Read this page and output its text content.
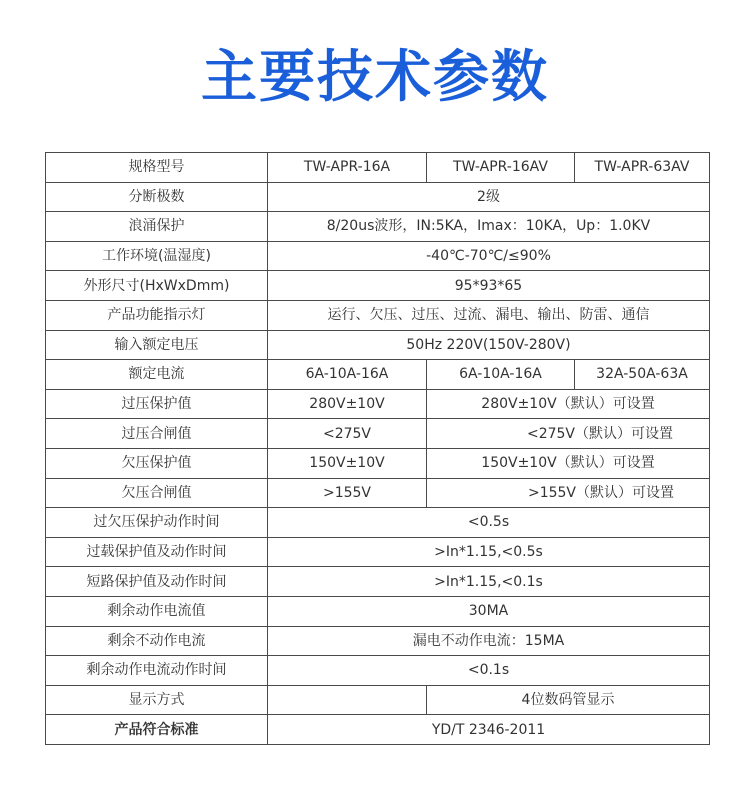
主要技术参数
规格型号	TW-APR-16A	TW-APR-16AV	TW-APR-63AV
分断极数	2级		
浪涌保护	8/20us波形，IN:5KA，Imax：10KA，Up：1.0KV		
工作环境(温湿度)	-40℃-70℃/≤90%		
外形尺寸(HxWxDmm)	95*93*65		
产品功能指示灯	运行、欠压、过压、过流、漏电、输出、防雷、通信		
输入额定电压	50Hz 220V(150V-280V)		
额定电流	6A-10A-16A	6A-10A-16A	32A-50A-63A
过压保护值	280V±10V	280V±10V（默认）可设置	
过压合闸值	<275V	<275V（默认）可设置	
欠压保护值	150V±10V	150V±10V（默认）可设置	
欠压合闸值	>155V	>155V（默认）可设置	
过欠压保护动作时间	<0.5s		
过载保护值及动作时间	>In*1.15,<0.5s		
短路保护值及动作时间	>In*1.15,<0.1s		
剩余动作电流值	30MA		
剩余不动作电流	漏电不动作电流：15MA		
剩余动作电流动作时间	<0.1s		
显示方式		4位数码管显示	
产品符合标准	YD/T 2346-2011		
